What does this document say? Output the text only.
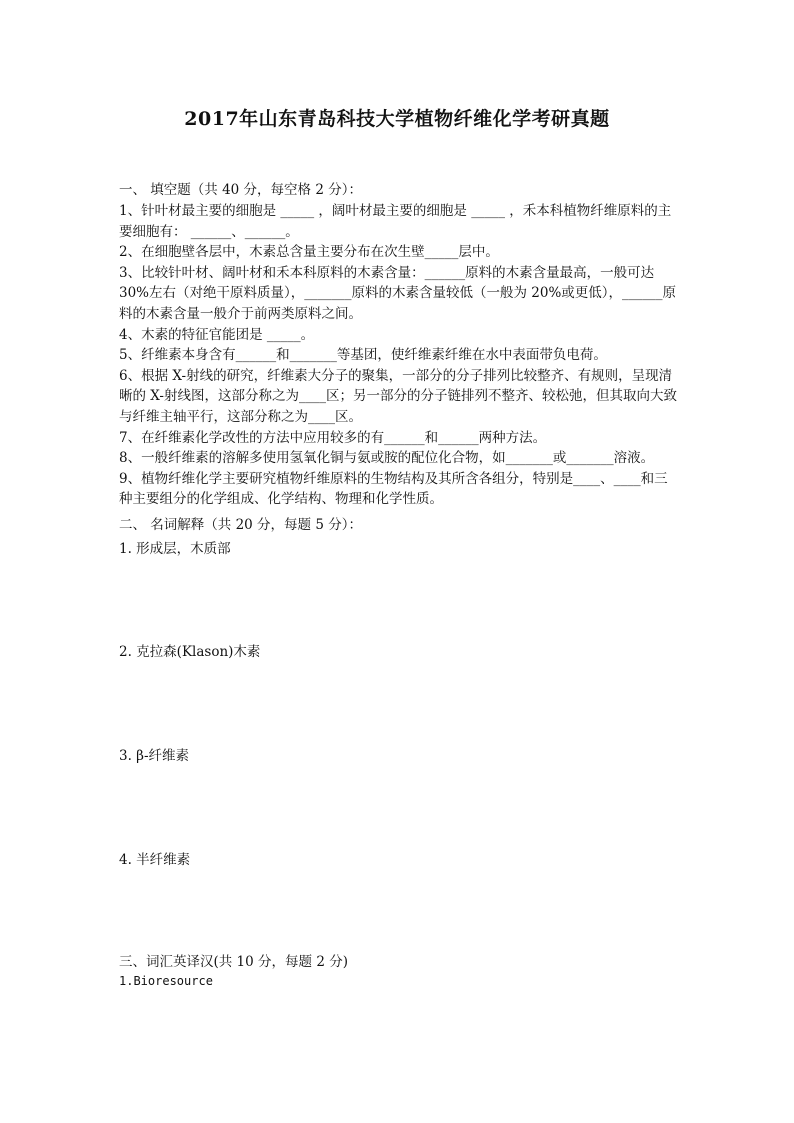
2017年山东青岛科技大学植物纤维化学考研真题
一、 填空题（共 40 分，每空格 2 分）：

1、针叶材最主要的细胞是 _____ ，阔叶材最主要的细胞是 _____ ，禾本科植物纤维原料的主要细胞有： ______、______。

2、在细胞壁各层中，木素总含量主要分布在次生壁_____层中。

3、比较针叶材、阔叶材和禾本科原料的木素含量：______原料的木素含量最高，一般可达30%左右（对绝干原料质量），_______原料的木素含量较低（一般为 20%或更低），______原料的木素含量一般介于前两类原料之间。

4、木素的特征官能团是 _____。

5、纤维素本身含有______和_______等基团，使纤维素纤维在水中表面带负电荷。

6、根据 X-射线的研究，纤维素大分子的聚集，一部分的分子排列比较整齐、有规则，呈现清晰的 X-射线图，这部分称之为____区；另一部分的分子链排列不整齐、较松弛，但其取向大致与纤维主轴平行，这部分称之为____区。

7、在纤维素化学改性的方法中应用较多的有______和______两种方法。

8、一般纤维素的溶解多使用氢氧化铜与氨或胺的配位化合物，如_______或_______溶液。

9、植物纤维化学主要研究植物纤维原料的生物结构及其所含各组分，特别是____、____和三种主要组分的化学组成、化学结构、物理和化学性质。

二、 名词解释（共 20 分，每题 5 分）：
1. 形成层，木质部
2. 克拉森(Klason)木素
3. β-纤维素
4. 半纤维素
三、词汇英译汉(共 10 分，每题 2 分)
1.Bioresource
